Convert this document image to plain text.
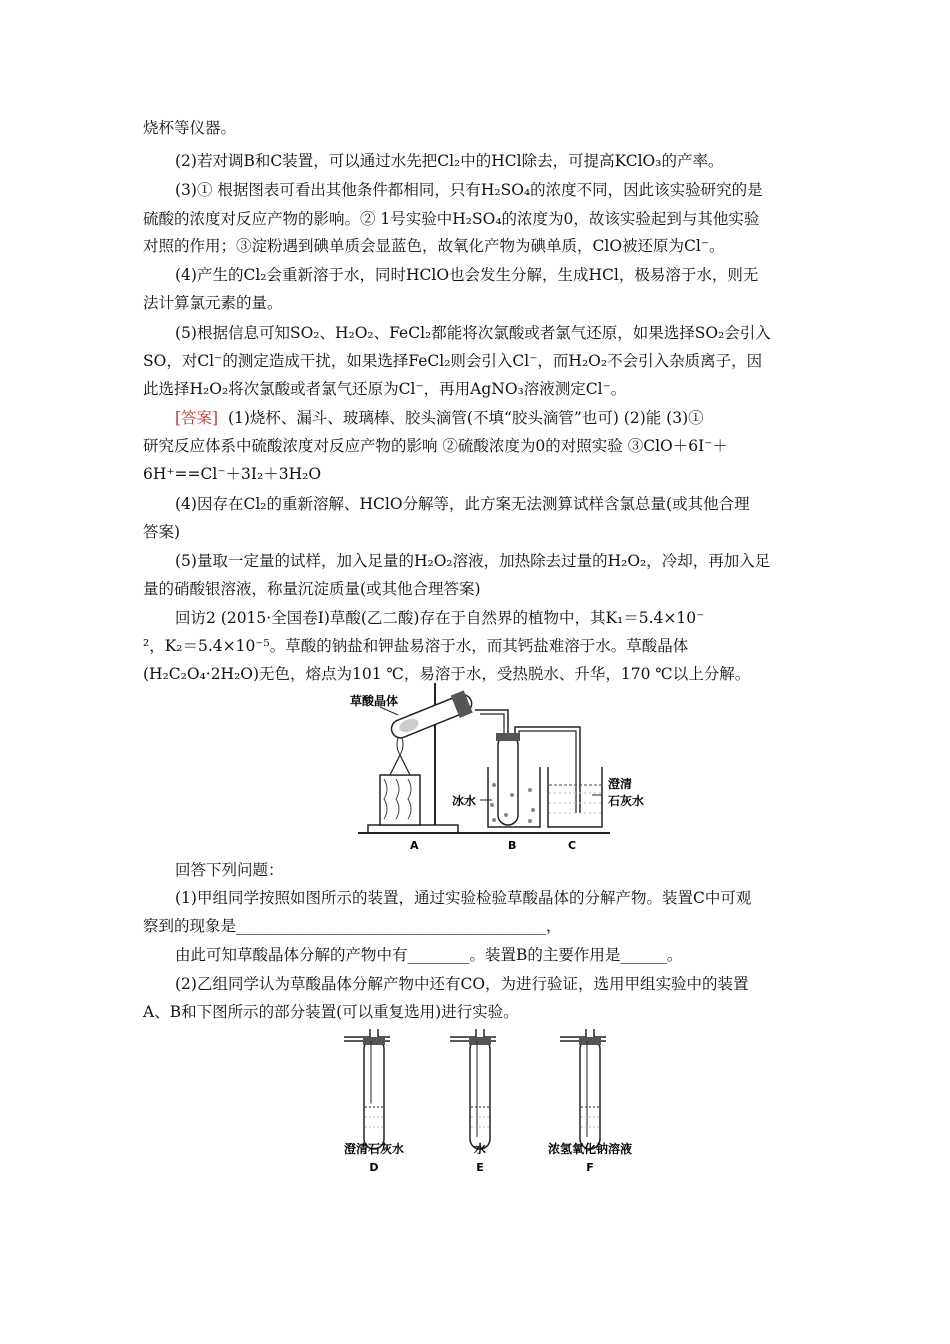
烧杯等仪器。
(2)若对调B和C装置，可以通过水先把Cl₂中的HCl除去，可提高KClO₃的产率。
(3)① 根据图表可看出其他条件都相同，只有H₂SO₄的浓度不同，因此该实验研究的是
硫酸的浓度对反应产物的影响。② 1号实验中H₂SO₄的浓度为0，故该实验起到与其他实验
对照的作用；③淀粉遇到碘单质会显蓝色，故氧化产物为碘单质，ClO被还原为Cl⁻。
(4)产生的Cl₂会重新溶于水，同时HClO也会发生分解，生成HCl，极易溶于水，则无
法计算氯元素的量。
(5)根据信息可知SO₂、H₂O₂、FeCl₂都能将次氯酸或者氯气还原，如果选择SO₂会引入
SO，对Cl⁻的测定造成干扰，如果选择FeCl₂则会引入Cl⁻，而H₂O₂不会引入杂质离子，因
此选择H₂O₂将次氯酸或者氯气还原为Cl⁻，再用AgNO₃溶液测定Cl⁻。
[答案] (1)烧杯、漏斗、玻璃棒、胶头滴管(不填“胶头滴管”也可) (2)能 (3)①
研究反应体系中硫酸浓度对反应产物的影响 ②硫酸浓度为0的对照实验 ③ClO＋6I⁻＋
6H⁺==Cl⁻＋3I₂＋3H₂O
(4)因存在Cl₂的重新溶解、HClO分解等，此方案无法测算试样含氯总量(或其他合理
答案)
(5)量取一定量的试样，加入足量的H₂O₂溶液，加热除去过量的H₂O₂，冷却，再加入足
量的硝酸银溶液，称量沉淀质量(或其他合理答案)
回访2 (2015·全国卷Ⅰ)草酸(乙二酸)存在于自然界的植物中，其K₁＝5.4×10⁻
²，K₂＝5.4×10⁻⁵。草酸的钠盐和钾盐易溶于水，而其钙盐难溶于水。草酸晶体
(H₂C₂O₄·2H₂O)无色，熔点为101 ℃，易溶于水，受热脱水、升华，170 ℃以上分解。
草酸晶体
冰水
澄清
石灰水
A	B	C
回答下列问题：
(1)甲组同学按照如图所示的装置，通过实验检验草酸晶体的分解产物。装置C中可观
察到的现象是________________________________________，
由此可知草酸晶体分解的产物中有________。装置B的主要作用是______。
(2)乙组同学认为草酸晶体分解产物中还有CO，为进行验证，选用甲组实验中的装置
A、B和下图所示的部分装置(可以重复选用)进行实验。
澄清石灰水	水	浓氢氧化钠溶液
D	E	F
